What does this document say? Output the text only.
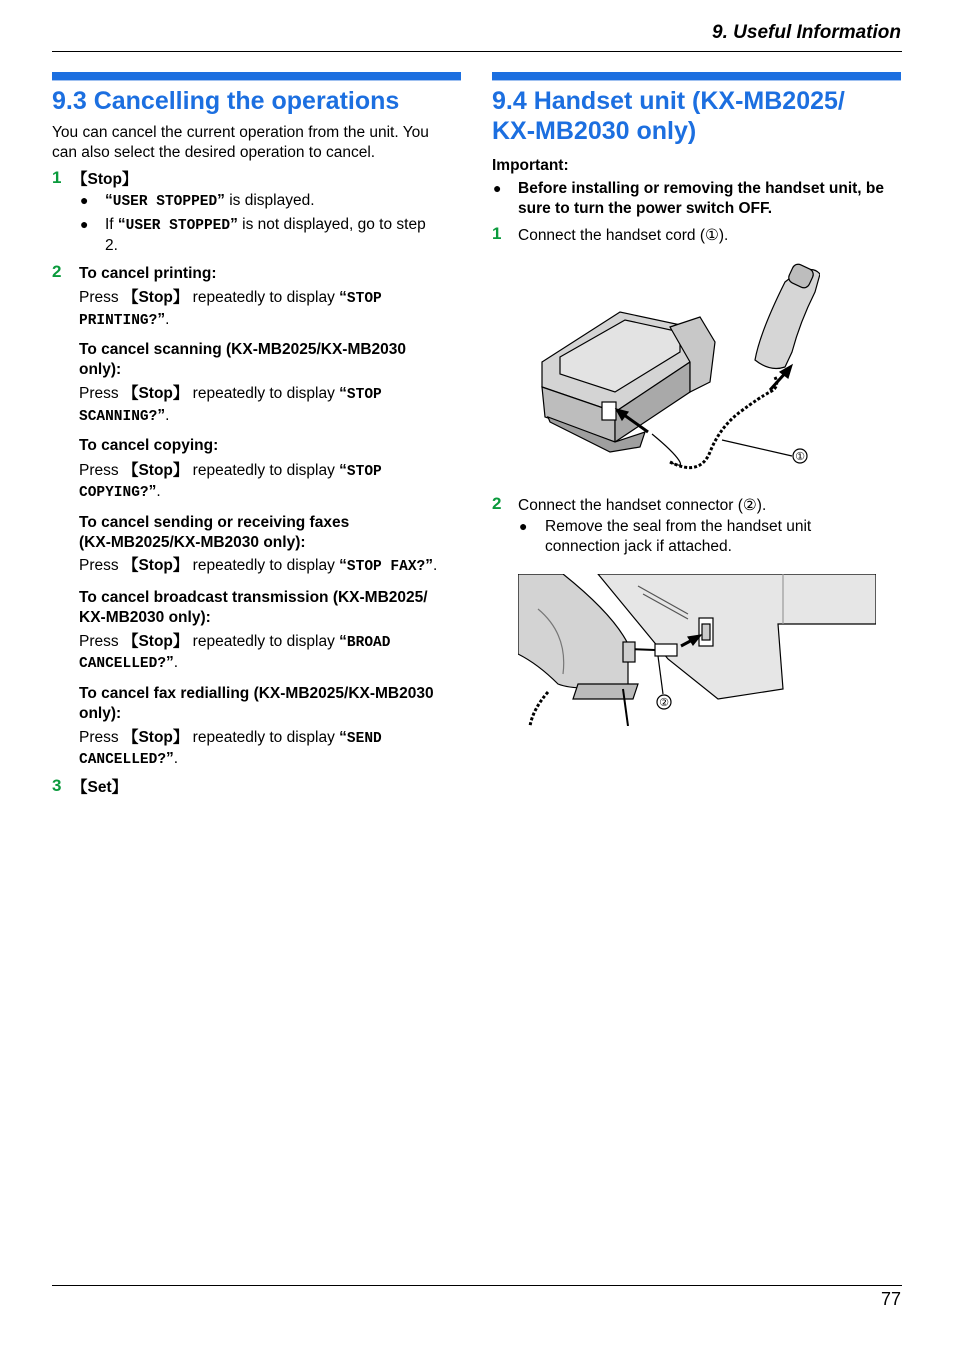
9. Useful Information
9.3 Cancelling the operations
You can cancel the current operation from the unit. You
can also select the desired operation to cancel.
1 【Stop】
● “USER STOPPED” is displayed.
● If “USER STOPPED” is not displayed, go to step
2.
2 To cancel printing:
Press 【Stop】 repeatedly to display “STOP
PRINTING?”.
To cancel scanning (KX-MB2025/KX-MB2030
only):
Press 【Stop】 repeatedly to display “STOP
SCANNING?”.
To cancel copying:
Press 【Stop】 repeatedly to display “STOP
COPYING?”.
To cancel sending or receiving faxes
(KX-MB2025/KX-MB2030 only):
Press 【Stop】 repeatedly to display “STOP FAX?”.
To cancel broadcast transmission (KX-MB2025/
KX-MB2030 only):
Press 【Stop】 repeatedly to display “BROAD
CANCELLED?”.
To cancel fax redialling (KX-MB2025/KX-MB2030
only):
Press 【Stop】 repeatedly to display “SEND
CANCELLED?”.
3 【Set】
9.4 Handset unit (KX-MB2025/
KX-MB2030 only)
Important:
● Before installing or removing the handset unit, be
sure to turn the power switch OFF.
1 Connect the handset cord (①).
①
2 Connect the handset connector (②).
● Remove the seal from the handset unit
connection jack if attached.
②
77
